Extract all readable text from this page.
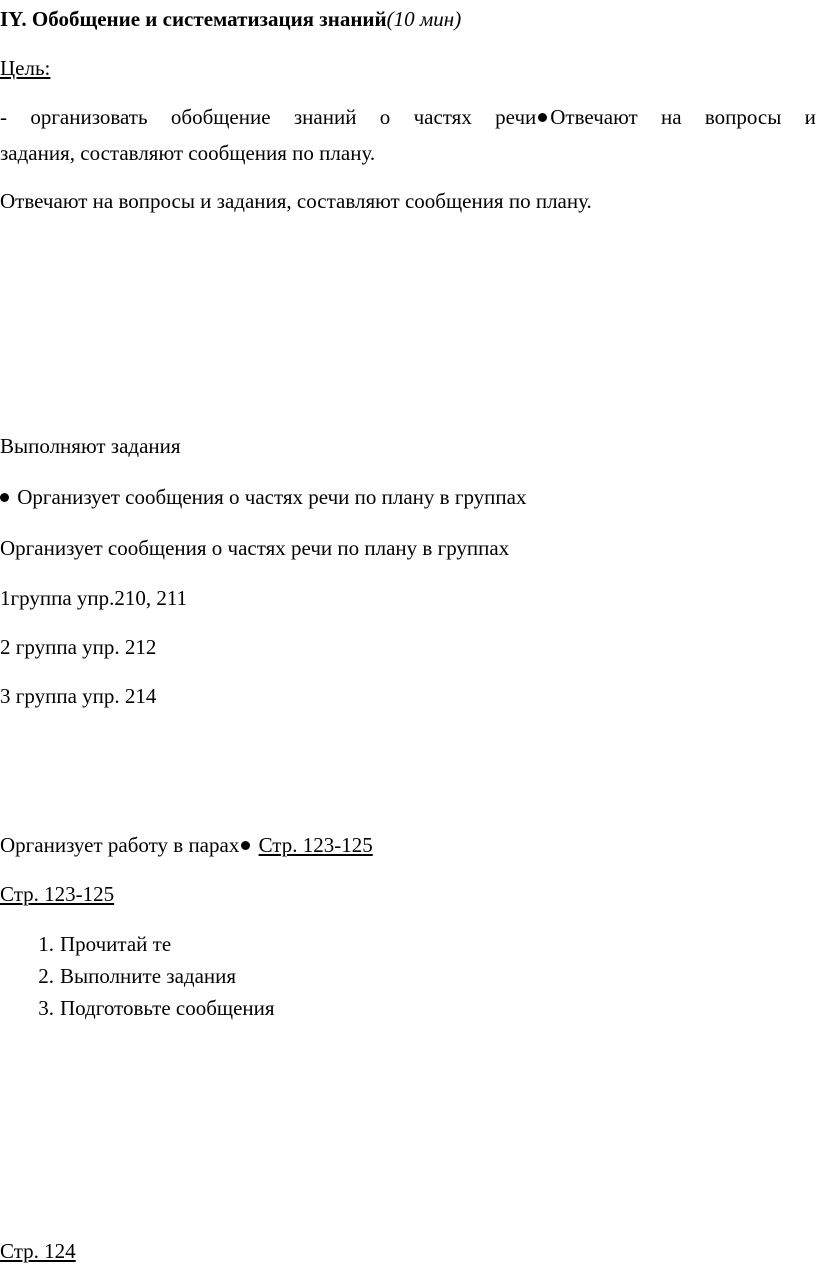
IY. Обобщение и систематизация знаний(10 мин)
Цель:
- организовать обобщение знаний о частях речи Отвечают на вопросы и
задания, составляют сообщения по плану.
Отвечают на вопросы и задания, составляют сообщения по плану.
Выполняют задания
Организует сообщения о частях речи по плану в группах
Организует сообщения о частях речи по плану в группах
1группа упр.210, 211
2 группа упр. 212
3 группа упр. 214
Организует работу в парах Стр. 123-125
Стр. 123-125
1. Прочитай те
2. Выполните задания
3. Подготовьте сообщения
Стр. 124
